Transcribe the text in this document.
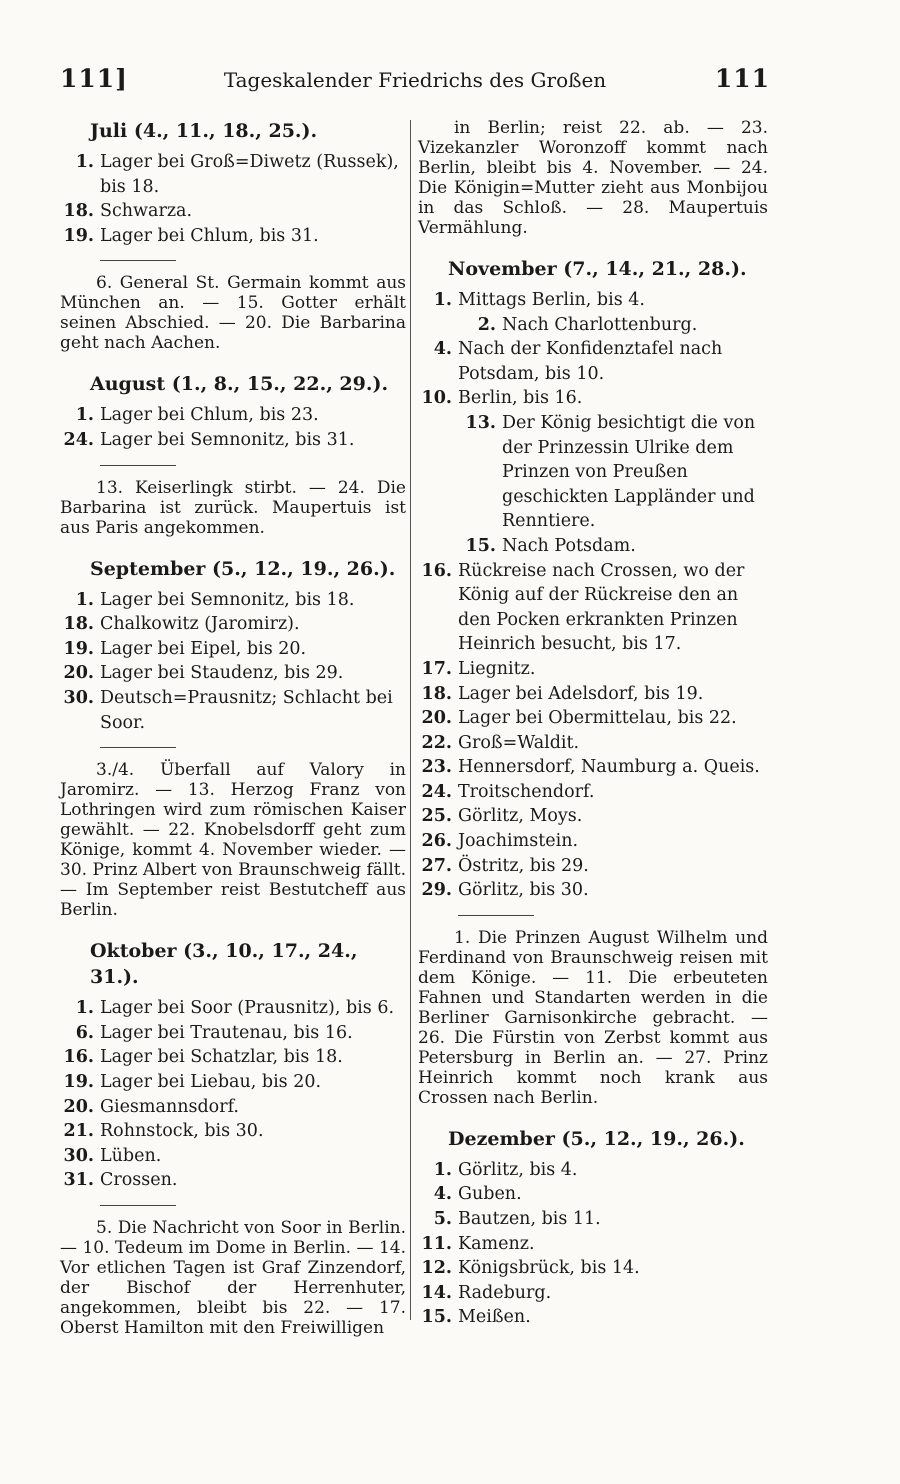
111]	Tageskalender Friedrichs des Großen	111
Juli (4., 11., 18., 25.).
1. Lager bei Groß=Diwetz (Russek), bis 18.
18. Schwarza.
19. Lager bei Chlum, bis 31.

6. General St. Germain kommt aus München an. — 15. Gotter erhält seinen Abschied. — 20. Die Barbarina geht nach Aachen.

August (1., 8., 15., 22., 29.).
1. Lager bei Chlum, bis 23.
24. Lager bei Semnonitz, bis 31.

13. Keiserlingk stirbt. — 24. Die Barbarina ist zurück. Maupertuis ist aus Paris angekommen.

September (5., 12., 19., 26.).
1. Lager bei Semnonitz, bis 18.
18. Chalkowitz (Jaromirz).
19. Lager bei Eipel, bis 20.
20. Lager bei Staudenz, bis 29.
30. Deutsch=Prausnitz; Schlacht bei Soor.

3./4. Überfall auf Valory in Jaromirz. — 13. Herzog Franz von Lothringen wird zum römischen Kaiser gewählt. — 22. Knobelsdorff geht zum Könige, kommt 4. November wieder. — 30. Prinz Albert von Braunschweig fällt. — Im September reist Bestutcheff aus Berlin.

Oktober (3., 10., 17., 24., 31.).
1. Lager bei Soor (Prausnitz), bis 6.
6. Lager bei Trautenau, bis 16.
16. Lager bei Schatzlar, bis 18.
19. Lager bei Liebau, bis 20.
20. Giesmannsdorf.
21. Rohnstock, bis 30.
30. Lüben.
31. Crossen.

5. Die Nachricht von Soor in Berlin. — 10. Tedeum im Dome in Berlin. — 14. Vor etlichen Tagen ist Graf Zinzendorf, der Bischof der Herrenhuter, angekommen, bleibt bis 22. — 17. Oberst Hamilton mit den Freiwilligen

in Berlin; reist 22. ab. — 23. Vizekanzler Woronzoff kommt nach Berlin, bleibt bis 4. November. — 24. Die Königin=Mutter zieht aus Monbijou in das Schloß. — 28. Maupertuis Vermählung.

November (7., 14., 21., 28.).
1. Mittags Berlin, bis 4.
2. Nach Charlottenburg.
4. Nach der Konfidenztafel nach Potsdam, bis 10.
10. Berlin, bis 16.
13. Der König besichtigt die von der Prinzessin Ulrike dem Prinzen von Preußen geschickten Lappländer und Renntiere.
15. Nach Potsdam.
16. Rückreise nach Crossen, wo der König auf der Rückreise den an den Pocken erkrankten Prinzen Heinrich besucht, bis 17.
17. Liegnitz.
18. Lager bei Adelsdorf, bis 19.
20. Lager bei Obermittelau, bis 22.
22. Groß=Waldit.
23. Hennersdorf, Naumburg a. Queis.
24. Troitschendorf.
25. Görlitz, Moys.
26. Joachimstein.
27. Östritz, bis 29.
29. Görlitz, bis 30.

1. Die Prinzen August Wilhelm und Ferdinand von Braunschweig reisen mit dem Könige. — 11. Die erbeuteten Fahnen und Standarten werden in die Berliner Garnisonkirche gebracht. — 26. Die Fürstin von Zerbst kommt aus Petersburg in Berlin an. — 27. Prinz Heinrich kommt noch krank aus Crossen nach Berlin.

Dezember (5., 12., 19., 26.).
1. Görlitz, bis 4.
4. Guben.
5. Bautzen, bis 11.
11. Kamenz.
12. Königsbrück, bis 14.
14. Radeburg.
15. Meißen.
